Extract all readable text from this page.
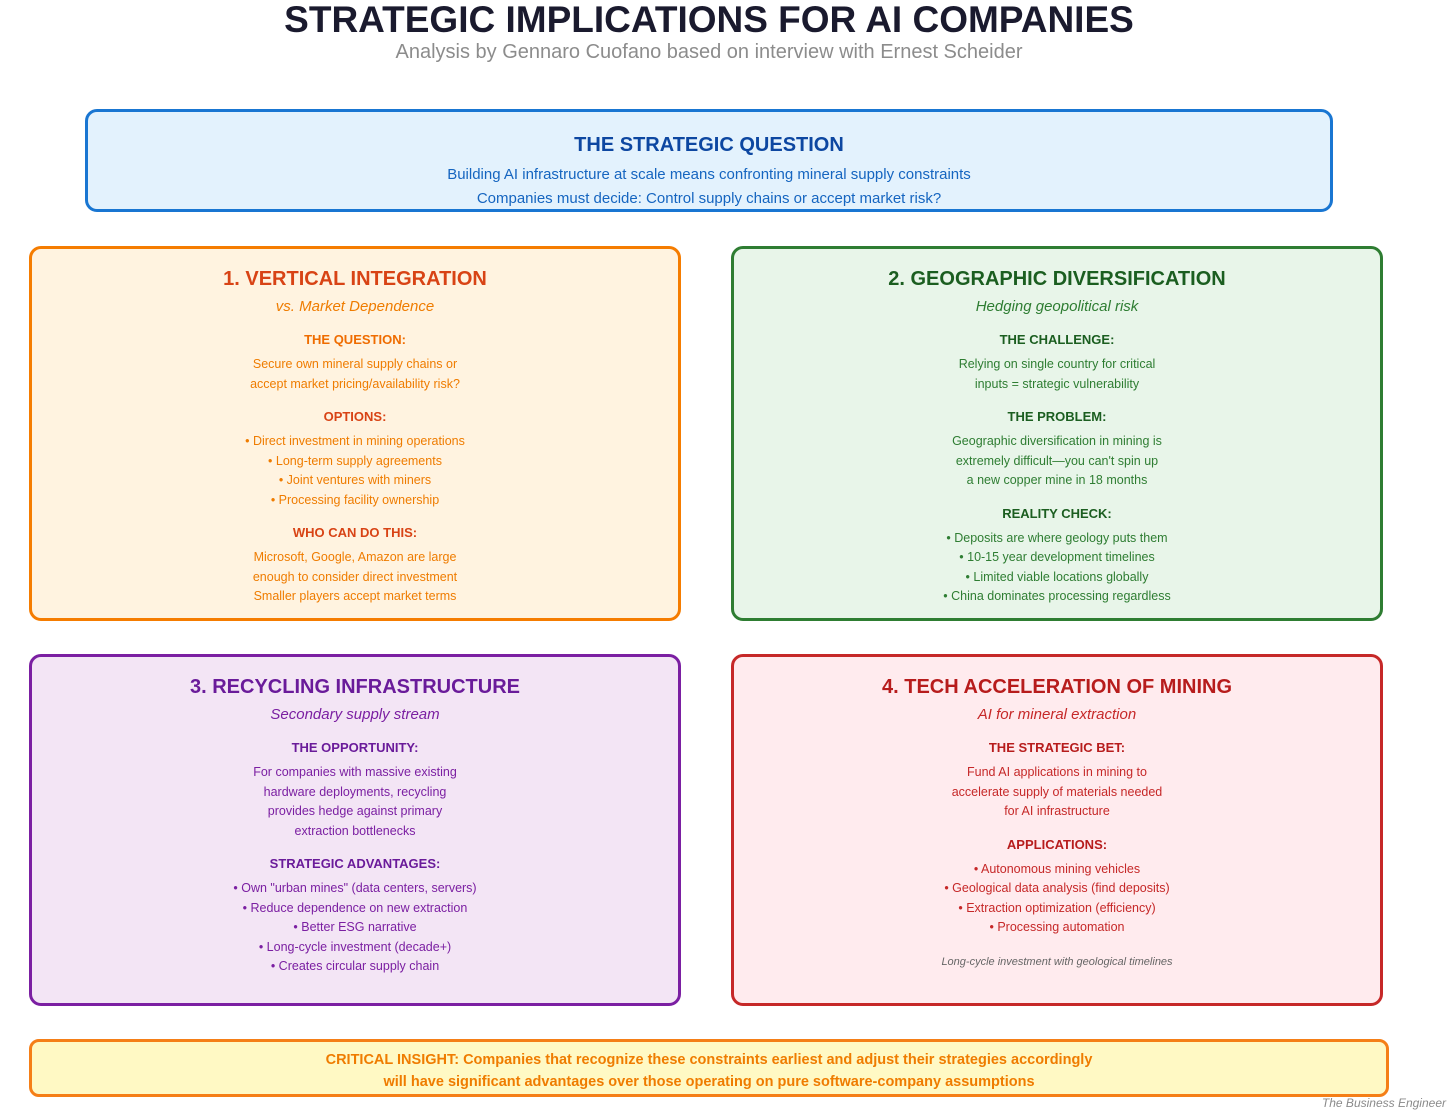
STRATEGIC IMPLICATIONS FOR AI COMPANIES
Analysis by Gennaro Cuofano based on interview with Ernest Scheider
THE STRATEGIC QUESTION

Building AI infrastructure at scale means confronting mineral supply constraints

Companies must decide: Control supply chains or accept market risk?

1. VERTICAL INTEGRATION
vs. Market Dependence
THE QUESTION:
Secure own mineral supply chains or
accept market pricing/availability risk?
OPTIONS:
• Direct investment in mining operations
• Long-term supply agreements
• Joint ventures with miners
• Processing facility ownership
WHO CAN DO THIS:
Microsoft, Google, Amazon are large
enough to consider direct investment
Smaller players accept market terms
2. GEOGRAPHIC DIVERSIFICATION
Hedging geopolitical risk
THE CHALLENGE:
Relying on single country for critical
inputs = strategic vulnerability
THE PROBLEM:
Geographic diversification in mining is
extremely difficult—you can't spin up
a new copper mine in 18 months
REALITY CHECK:
• Deposits are where geology puts them
• 10-15 year development timelines
• Limited viable locations globally
• China dominates processing regardless
3. RECYCLING INFRASTRUCTURE
Secondary supply stream
THE OPPORTUNITY:
For companies with massive existing
hardware deployments, recycling
provides hedge against primary
extraction bottlenecks
STRATEGIC ADVANTAGES:
• Own "urban mines" (data centers, servers)
• Reduce dependence on new extraction
• Better ESG narrative
• Long-cycle investment (decade+)
• Creates circular supply chain
4. TECH ACCELERATION OF MINING
AI for mineral extraction
THE STRATEGIC BET:
Fund AI applications in mining to
accelerate supply of materials needed
for AI infrastructure
APPLICATIONS:
• Autonomous mining vehicles
• Geological data analysis (find deposits)
• Extraction optimization (efficiency)
• Processing automation
Long-cycle investment with geological timelines
CRITICAL INSIGHT: Companies that recognize these constraints earliest and adjust their strategies accordingly
will have significant advantages over those operating on pure software-company assumptions
The Business Engineer
